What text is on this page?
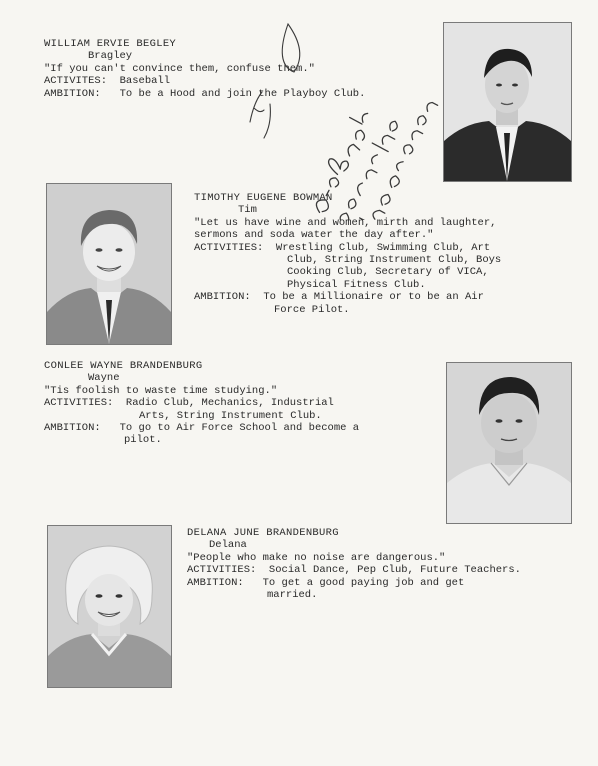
WILLIAM ERVIE BEGLEY
Bragley
"If you can't convince them, confuse them."
ACTIVITES: Baseball
AMBITION: To be a Hood and join the Playboy Club.
TIMOTHY EUGENE BOWMAN
Tim
"Let us have wine and women, mirth and laughter,
sermons and soda water the day after."
ACTIVITIES: Wrestling Club, Swimming Club, Art
Club, String Instrument Club, Boys
Cooking Club, Secretary of VICA,
Physical Fitness Club.
AMBITION: To be a Millionaire or to be an Air
Force Pilot.
CONLEE WAYNE BRANDENBURG
Wayne
"Tis foolish to waste time studying."
ACTIVITIES: Radio Club, Mechanics, Industrial
Arts, String Instrument Club.
AMBITION: To go to Air Force School and become a
pilot.
DELANA JUNE BRANDENBURG
Delana
"People who make no noise are dangerous."
ACTIVITIES: Social Dance, Pep Club, Future Teachers.
AMBITION: To get a good paying job and get
married.
